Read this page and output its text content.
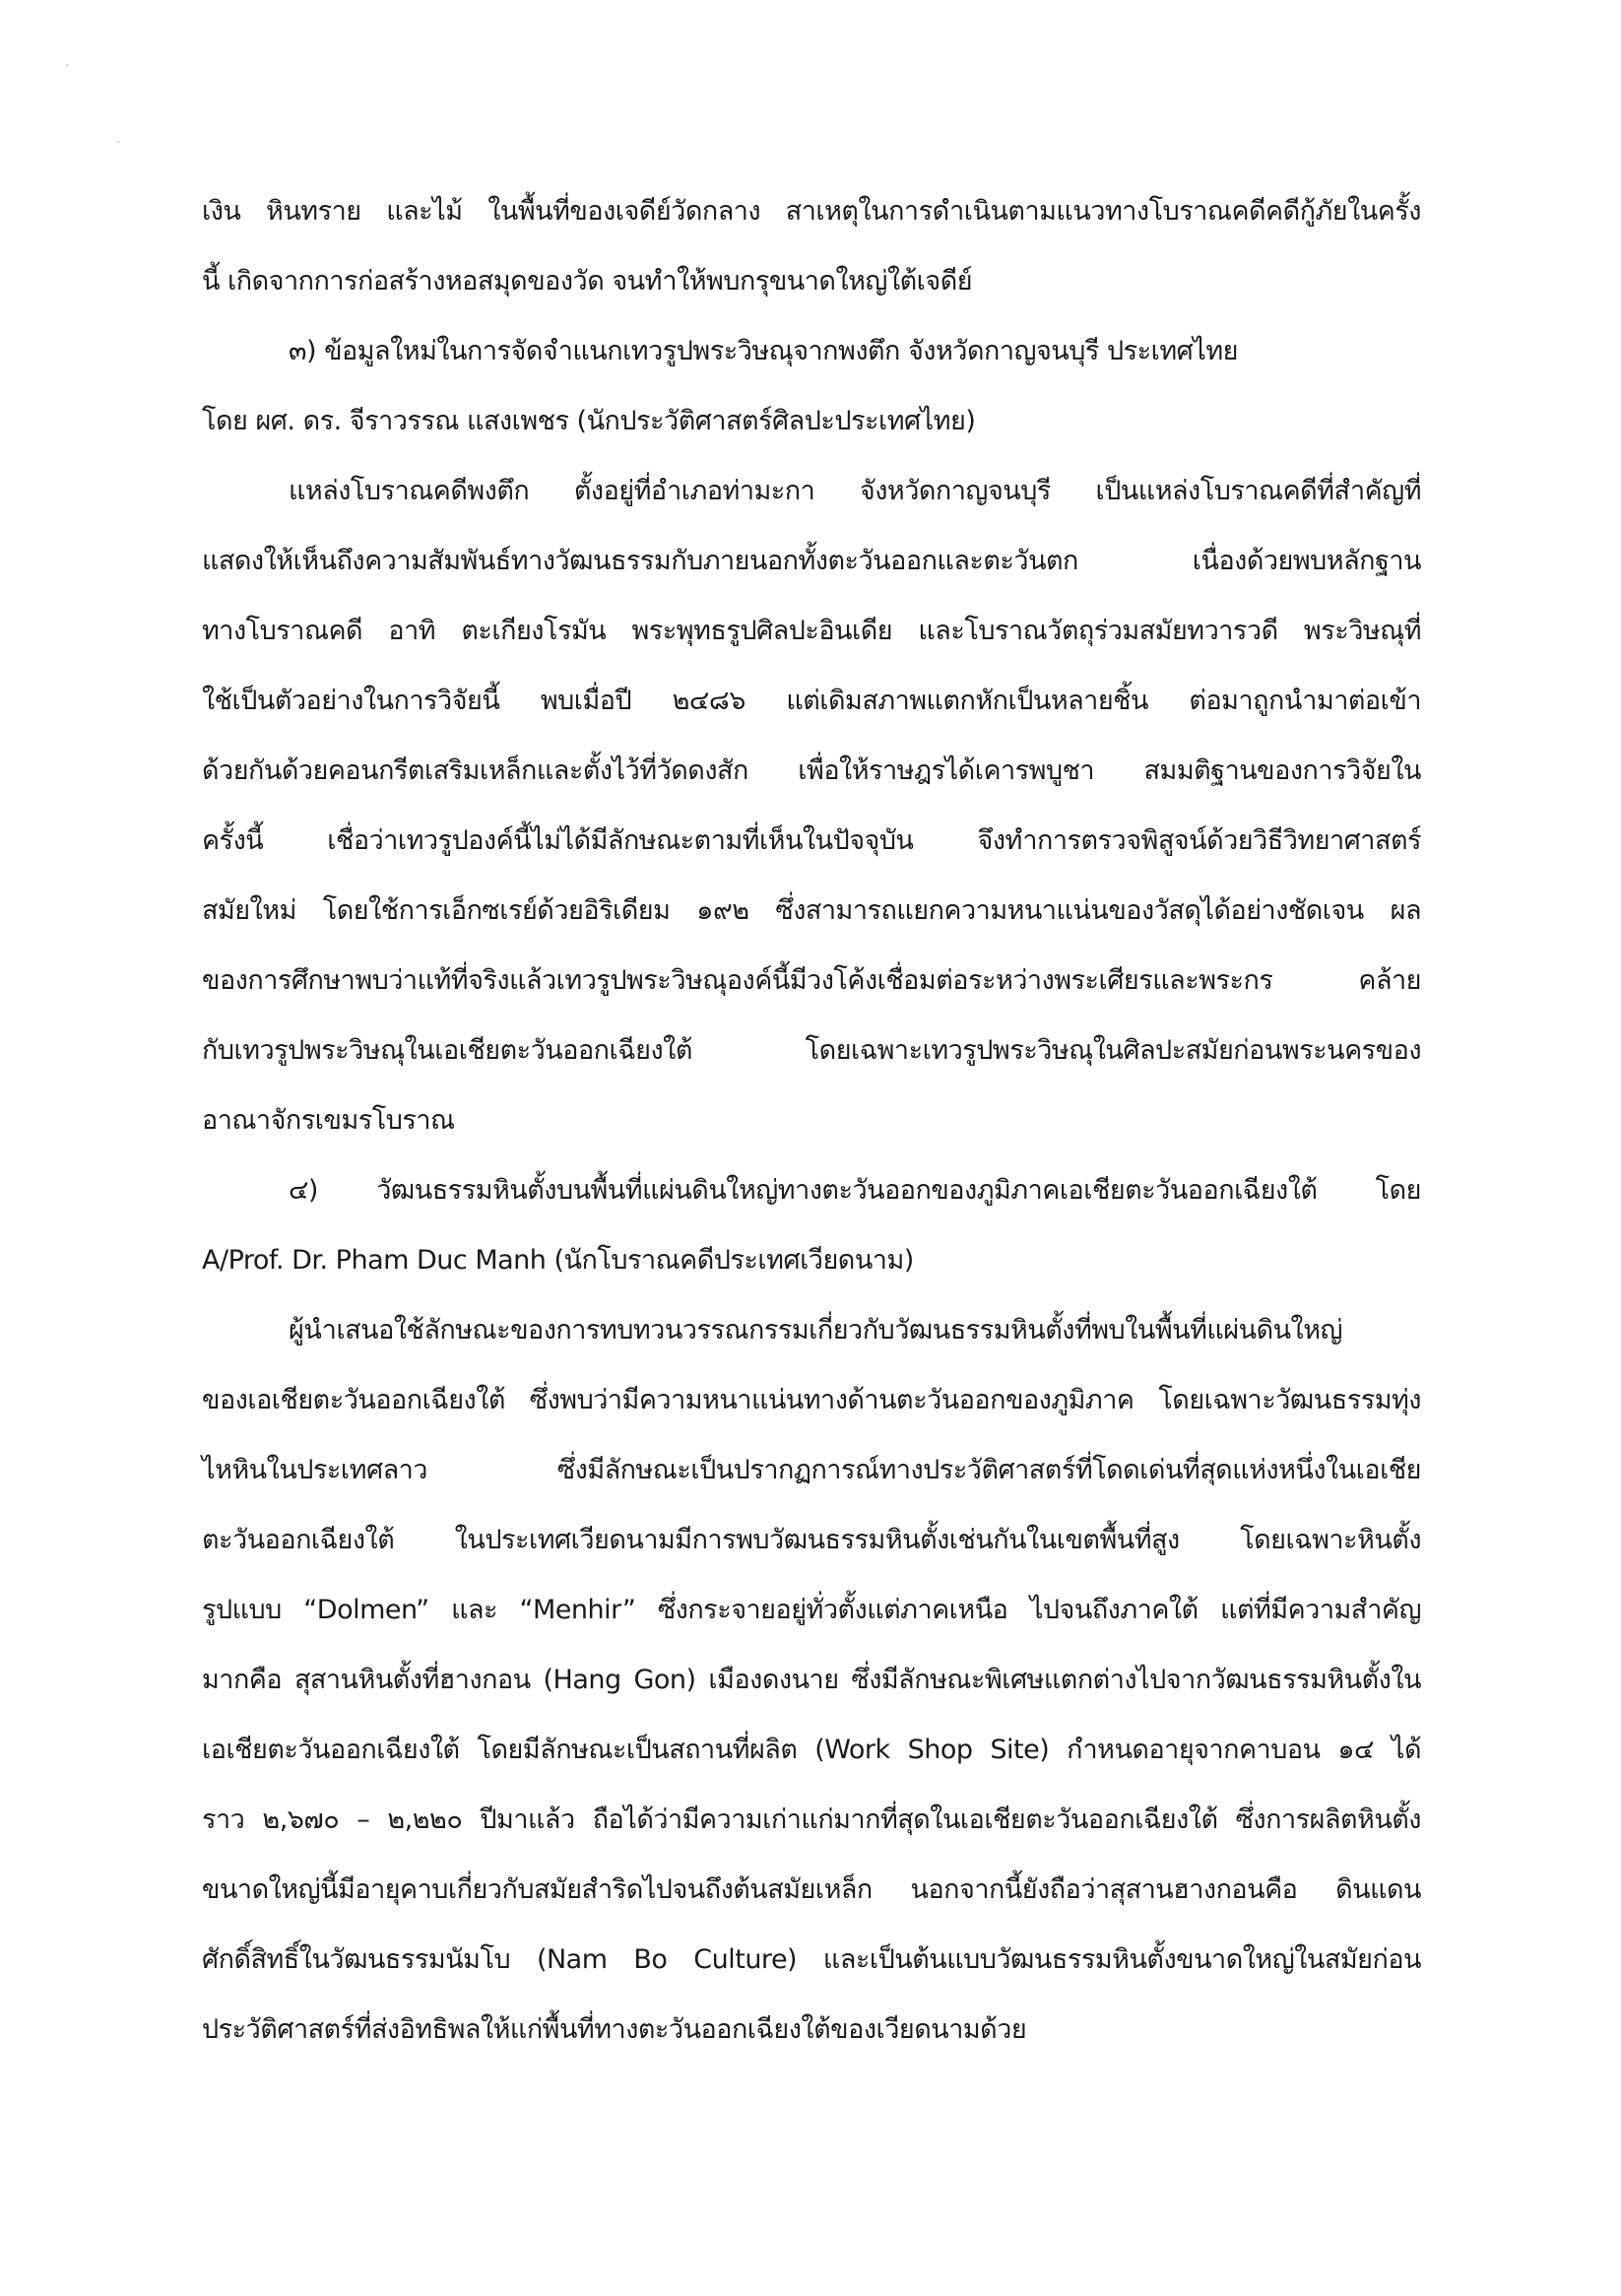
´
·
เงิน หินทราย และไม้ ในพื้นที่ของเจดีย์วัดกลาง สาเหตุในการดำเนินตามแนวทางโบราณคดีคดีกู้ภัยในครั้ง
นี้ เกิดจากการก่อสร้างหอสมุดของวัด จนทำให้พบกรุขนาดใหญ่ใต้เจดีย์
๓) ข้อมูลใหม่ในการจัดจำแนกเทวรูปพระวิษณุจากพงตึก จังหวัดกาญจนบุรี ประเทศไทย
โดย ผศ. ดร. จีราวรรณ แสงเพชร (นักประวัติศาสตร์ศิลปะประเทศไทย)
แหล่งโบราณคดีพงตึก ตั้งอยู่ที่อำเภอท่ามะกา จังหวัดกาญจนบุรี เป็นแหล่งโบราณคดีที่สำคัญที่
แสดงให้เห็นถึงความสัมพันธ์ทางวัฒนธรรมกับภายนอกทั้งตะวันออกและตะวันตก เนื่องด้วยพบหลักฐาน
ทางโบราณคดี อาทิ ตะเกียงโรมัน พระพุทธรูปศิลปะอินเดีย และโบราณวัตถุร่วมสมัยทวารวดี พระวิษณุที่
ใช้เป็นตัวอย่างในการวิจัยนี้ พบเมื่อปี ๒๔๘๖ แต่เดิมสภาพแตกหักเป็นหลายชิ้น ต่อมาถูกนำมาต่อเข้า
ด้วยกันด้วยคอนกรีตเสริมเหล็กและตั้งไว้ที่วัดดงสัก เพื่อให้ราษฎรได้เคารพบูชา สมมติฐานของการวิจัยใน
ครั้งนี้ เชื่อว่าเทวรูปองค์นี้ไม่ได้มีลักษณะตามที่เห็นในปัจจุบัน จึงทำการตรวจพิสูจน์ด้วยวิธีวิทยาศาสตร์
สมัยใหม่ โดยใช้การเอ็กซเรย์ด้วยอิริเดียม ๑๙๒ ซึ่งสามารถแยกความหนาแน่นของวัสดุได้อย่างชัดเจน ผล
ของการศึกษาพบว่าแท้ที่จริงแล้วเทวรูปพระวิษณุองค์นี้มีวงโค้งเชื่อมต่อระหว่างพระเศียรและพระกร คล้าย
กับเทวรูปพระวิษณุในเอเชียตะวันออกเฉียงใต้ โดยเฉพาะเทวรูปพระวิษณุในศิลปะสมัยก่อนพระนครของ
อาณาจักรเขมรโบราณ
๔) วัฒนธรรมหินตั้งบนพื้นที่แผ่นดินใหญ่ทางตะวันออกของภูมิภาคเอเชียตะวันออกเฉียงใต้ โดย
A/Prof. Dr. Pham Duc Manh (นักโบราณคดีประเทศเวียดนาม)
ผู้นำเสนอใช้ลักษณะของการทบทวนวรรณกรรมเกี่ยวกับวัฒนธรรมหินตั้งที่พบในพื้นที่แผ่นดินใหญ่
ของเอเชียตะวันออกเฉียงใต้ ซึ่งพบว่ามีความหนาแน่นทางด้านตะวันออกของภูมิภาค โดยเฉพาะวัฒนธรรมทุ่ง
ไหหินในประเทศลาว ซึ่งมีลักษณะเป็นปรากฏการณ์ทางประวัติศาสตร์ที่โดดเด่นที่สุดแห่งหนึ่งในเอเชีย
ตะวันออกเฉียงใต้ ในประเทศเวียดนามมีการพบวัฒนธรรมหินตั้งเช่นกันในเขตพื้นที่สูง โดยเฉพาะหินตั้ง
รูปแบบ “Dolmen” และ “Menhir” ซึ่งกระจายอยู่ทั่วตั้งแต่ภาคเหนือ ไปจนถึงภาคใต้ แต่ที่มีความสำคัญ
มากคือ สุสานหินตั้งที่ฮางกอน (Hang Gon) เมืองดงนาย ซึ่งมีลักษณะพิเศษแตกต่างไปจากวัฒนธรรมหินตั้งใน
เอเชียตะวันออกเฉียงใต้ โดยมีลักษณะเป็นสถานที่ผลิต (Work Shop Site) กำหนดอายุจากคาบอน ๑๔ ได้
ราว ๒,๖๗๐ – ๒,๒๒๐ ปีมาแล้ว ถือได้ว่ามีความเก่าแก่มากที่สุดในเอเชียตะวันออกเฉียงใต้ ซึ่งการผลิตหินตั้ง
ขนาดใหญ่นี้มีอายุคาบเกี่ยวกับสมัยสำริดไปจนถึงต้นสมัยเหล็ก นอกจากนี้ยังถือว่าสุสานฮางกอนคือ ดินแดน
ศักดิ์สิทธิ์ในวัฒนธรรมนัมโบ (Nam Bo Culture) และเป็นต้นแบบวัฒนธรรมหินตั้งขนาดใหญ่ในสมัยก่อน
ประวัติศาสตร์ที่ส่งอิทธิพลให้แก่พื้นที่ทางตะวันออกเฉียงใต้ของเวียดนามด้วย
